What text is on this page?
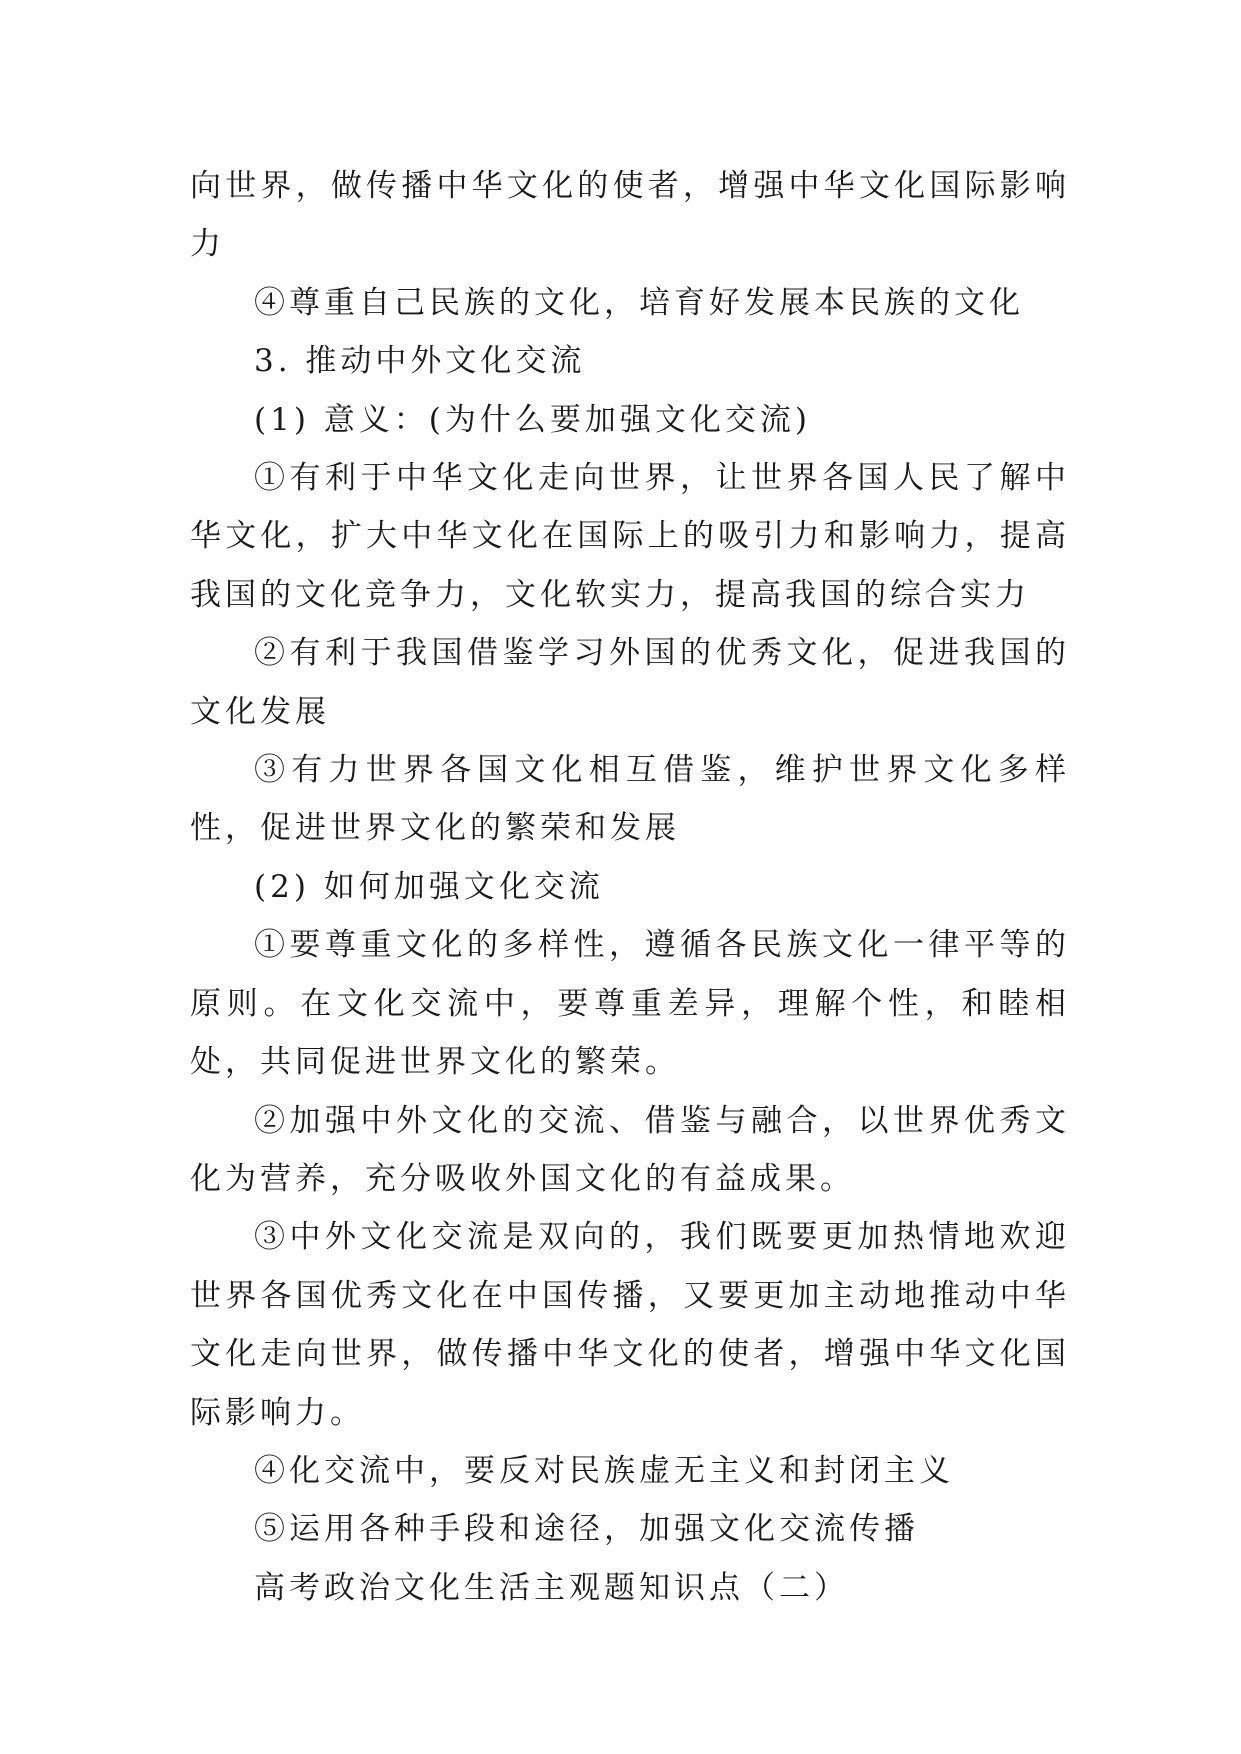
向世界，做传播中华文化的使者，增强中华文化国际影响力

④尊重自己民族的文化，培育好发展本民族的文化

3. 推动中外文化交流

(1) 意义：(为什么要加强文化交流)

①有利于中华文化走向世界，让世界各国人民了解中华文化，扩大中华文化在国际上的吸引力和影响力，提高我国的文化竞争力，文化软实力，提高我国的综合实力

②有利于我国借鉴学习外国的优秀文化，促进我国的文化发展

③有力世界各国文化相互借鉴，维护世界文化多样性，促进世界文化的繁荣和发展

(2) 如何加强文化交流

①要尊重文化的多样性，遵循各民族文化一律平等的原则。在文化交流中，要尊重差异，理解个性，和睦相处，共同促进世界文化的繁荣。

②加强中外文化的交流、借鉴与融合，以世界优秀文化为营养，充分吸收外国文化的有益成果。

③中外文化交流是双向的，我们既要更加热情地欢迎世界各国优秀文化在中国传播，又要更加主动地推动中华文化走向世界，做传播中华文化的使者，增强中华文化国际影响力。

④化交流中，要反对民族虚无主义和封闭主义

⑤运用各种手段和途径，加强文化交流传播

高考政治文化生活主观题知识点（二）
